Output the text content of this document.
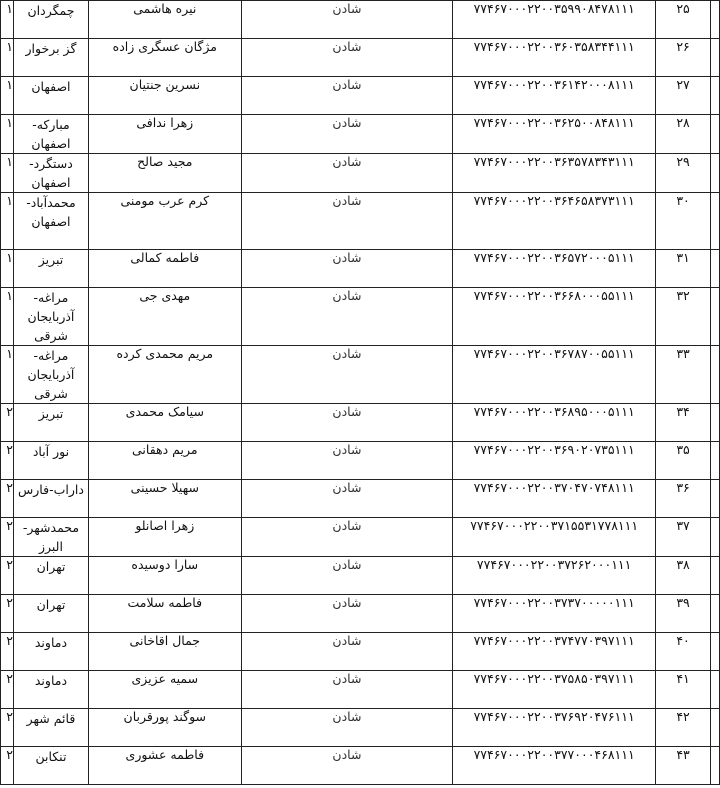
۱	چمگردان	نیره هاشمی	شادن	۷۷۴۶۷۰۰۰۲۲۰۰۳۵۹۹۰۸۴۷۸۱۱۱	۲۵	
۱	گز برخوار	مژگان عسگری زاده	شادن	۷۷۴۶۷۰۰۰۲۲۰۰۳۶۰۳۵۸۳۴۴۱۱۱	۲۶	
۱	اصفهان	نسرین جنتیان	شادن	۷۷۴۶۷۰۰۰۲۲۰۰۳۶۱۴۲۰۰۰۸۱۱۱	۲۷	
۱	مبارکه-اصفهان	زهرا ندافی	شادن	۷۷۴۶۷۰۰۰۲۲۰۰۳۶۲۵۰۰۸۴۸۱۱۱	۲۸	
۱	دستگرد-اصفهان	مجید صالح	شادن	۷۷۴۶۷۰۰۰۲۲۰۰۳۶۳۵۷۸۳۴۳۱۱۱	۲۹	
۱	محمدآباد-اصفهان	کرم عرب مومنی	شادن	۷۷۴۶۷۰۰۰۲۲۰۰۳۶۴۶۵۸۳۷۳۱۱۱	۳۰	
۱	تبریز	فاطمه کمالی	شادن	۷۷۴۶۷۰۰۰۲۲۰۰۳۶۵۷۲۰۰۰۵۱۱۱	۳۱	
۱	مراغه-آذربایجان شرقی	مهدی جی	شادن	۷۷۴۶۷۰۰۰۲۲۰۰۳۶۶۸۰۰۰۵۵۱۱۱	۳۲	
۱	مراغه-آذربایجان شرقی	مریم محمدی کرده	شادن	۷۷۴۶۷۰۰۰۲۲۰۰۳۶۷۸۷۰۰۵۵۱۱۱	۳۳	
۲	تبریز	سیامک محمدی	شادن	۷۷۴۶۷۰۰۰۲۲۰۰۳۶۸۹۵۰۰۰۵۱۱۱	۳۴	
۲	نور آباد	مریم دهقانی	شادن	۷۷۴۶۷۰۰۰۲۲۰۰۳۶۹۰۲۰۷۳۵۱۱۱	۳۵	
۲	داراب-فارس	سهیلا حسینی	شادن	۷۷۴۶۷۰۰۰۲۲۰۰۳۷۰۴۷۰۷۴۸۱۱۱	۳۶	
۲	محمدشهر-البرز	زهرا اصانلو	شادن	۷۷۴۶۷۰۰۰۲۲۰۰۳۷۱۵۵۳۱۷۷۸۱۱۱	۳۷	
۲	تهران	سارا دوسیده	شادن	۷۷۴۶۷۰۰۰۲۲۰۰۳۷۲۶۲۰۰۰۱۱۱	۳۸	
۲	تهران	فاطمه سلامت	شادن	۷۷۴۶۷۰۰۰۲۲۰۰۳۷۳۷۰۰۰۰۰۱۱۱	۳۹	
۲	دماوند	جمال اقاخانی	شادن	۷۷۴۶۷۰۰۰۲۲۰۰۳۷۴۷۷۰۳۹۷۱۱۱	۴۰	
۲	دماوند	سمیه عزیزی	شادن	۷۷۴۶۷۰۰۰۲۲۰۰۳۷۵۸۵۰۳۹۷۱۱۱	۴۱	
۲	قائم شهر	سوگند پورقربان	شادن	۷۷۴۶۷۰۰۰۲۲۰۰۳۷۶۹۲۰۴۷۶۱۱۱	۴۲	
۲	تنکابن	فاطمه عشوری	شادن	۷۷۴۶۷۰۰۰۲۲۰۰۳۷۷۰۰۰۴۶۸۱۱۱	۴۳	
